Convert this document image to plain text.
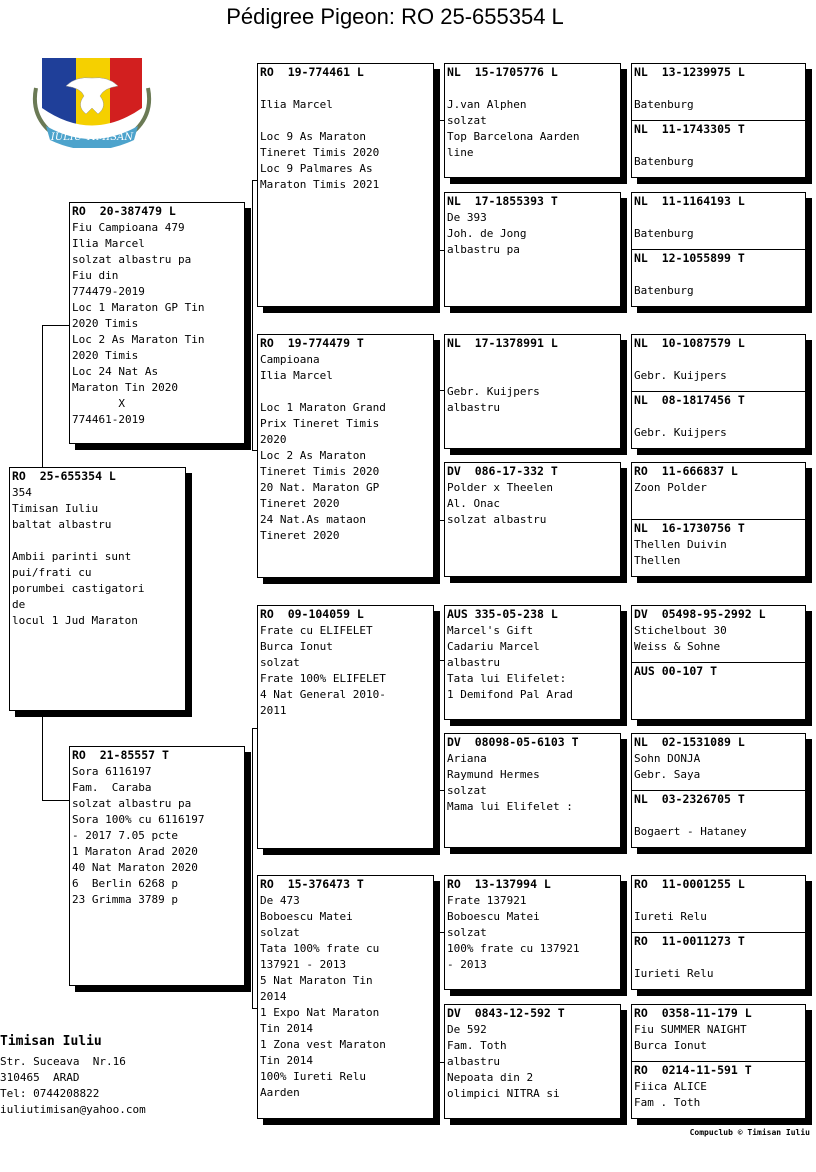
Pédigree Pigeon: RO 25-655354 L
IULIU TIMISAN
RO  25-655354 L
354
Timisan Iuliu
baltat albastru

Ambii parinti sunt
pui/frati cu
porumbei castigatori
de
locul 1 Jud Maraton
RO  20-387479 L
Fiu Campioana 479
Ilia Marcel
solzat albastru pa
Fiu din
774479-2019
Loc 1 Maraton GP Tin
2020 Timis
Loc 2 As Maraton Tin
2020 Timis
Loc 24 Nat As
Maraton Tin 2020
X
774461-2019
RO  21-85557 T
Sora 6116197
Fam.  Caraba
solzat albastru pa
Sora 100% cu 6116197
- 2017 7.05 pcte
1 Maraton Arad 2020
40 Nat Maraton 2020
6  Berlin 6268 p
23 Grimma 3789 p
RO  19-774461 L

Ilia Marcel

Loc 9 As Maraton
Tineret Timis 2020
Loc 9 Palmares As
Maraton Timis 2021
RO  19-774479 T
Campioana
Ilia Marcel

Loc 1 Maraton Grand
Prix Tineret Timis
2020
Loc 2 As Maraton
Tineret Timis 2020
20 Nat. Maraton GP
Tineret 2020
24 Nat.As mataon
Tineret 2020
RO  09-104059 L
Frate cu ELIFELET
Burca Ionut
solzat
Frate 100% ELIFELET
4 Nat General 2010-
2011
RO  15-376473 T
De 473
Boboescu Matei
solzat
Tata 100% frate cu
137921 - 2013
5 Nat Maraton Tin
2014
1 Expo Nat Maraton
Tin 2014
1 Zona vest Maraton
Tin 2014
100% Iureti Relu
Aarden
NL  15-1705776 L

J.van Alphen
solzat
Top Barcelona Aarden
line
NL  17-1855393 T
De 393
Joh. de Jong
albastru pa
NL  17-1378991 L

Gebr. Kuijpers
albastru
DV  086-17-332 T
Polder x Theelen
Al. Onac
solzat albastru
AUS 335-05-238 L
Marcel's Gift
Cadariu Marcel
albastru
Tata lui Elifelet:
1 Demifond Pal Arad
DV  08098-05-6103 T
Ariana
Raymund Hermes
solzat
Mama lui Elifelet :
RO  13-137994 L
Frate 137921
Boboescu Matei
solzat
100% frate cu 137921
- 2013
DV  0843-12-592 T
De 592
Fam. Toth
albastru
Nepoata din 2
olimpici NITRA si
NL  13-1239975 L

Batenburg
NL  11-1743305 T

Batenburg
NL  11-1164193 L

Batenburg
NL  12-1055899 T

Batenburg
NL  10-1087579 L

Gebr. Kuijpers
NL  08-1817456 T

Gebr. Kuijpers
RO  11-666837 L
Zoon Polder
NL  16-1730756 T
Thellen Duivin
Thellen
DV  05498-95-2992 L
Stichelbout 30
Weiss & Sohne
AUS 00-107 T
NL  02-1531089 L
Sohn DONJA
Gebr. Saya
NL  03-2326705 T

Bogaert - Hataney
RO  11-0001255 L

Iureti Relu
RO  11-0011273 T

Iurieti Relu
RO  0358-11-179 L
Fiu SUMMER NAIGHT
Burca Ionut
RO  0214-11-591 T
Fiica ALICE
Fam . Toth
Timisan Iuliu
Str. Suceava  Nr.16
310465  ARAD
Tel: 0744208822
iuliutimisan@yahoo.com
Compuclub © Timisan Iuliu
